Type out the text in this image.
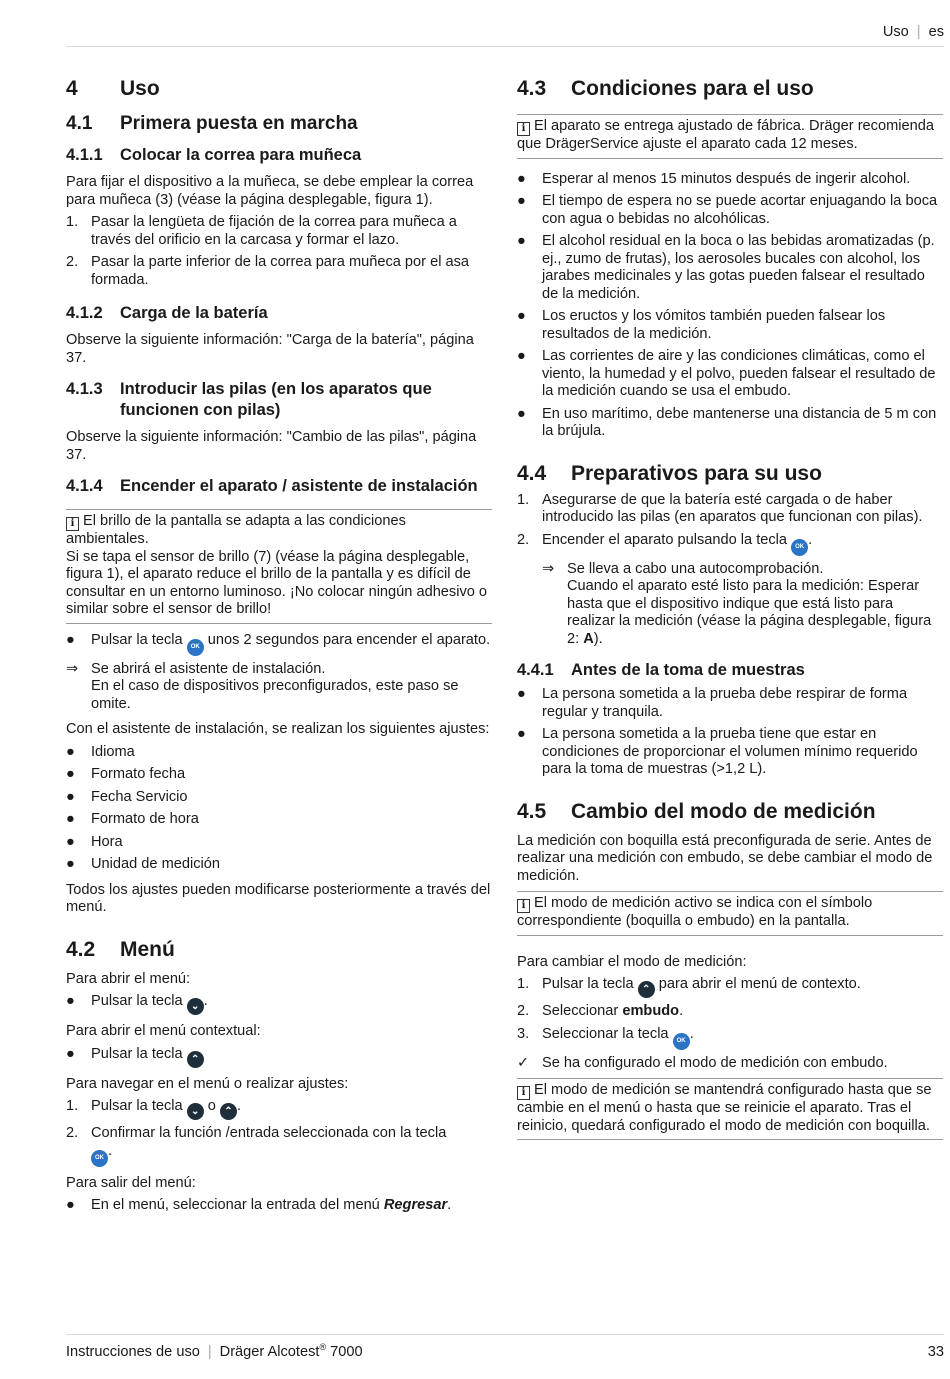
Uso | es
4	Uso
4.1	Primera puesta en marcha
4.1.1	Colocar la correa para muñeca

Para fijar el dispositivo a la muñeca, se debe emplear la correa para muñeca (3) (véase la página desplegable, figura 1).

1. Pasar la lengüeta de fijación de la correa para muñeca a través del orificio en la carcasa y formar el lazo.
2. Pasar la parte inferior de la correa para muñeca por el asa formada.
4.1.2	Carga de la batería

Observe la siguiente información: "Carga de la batería", página 37.

4.1.3	Introducir las pilas (en los aparatos que funcionen con pilas)

Observe la siguiente información: "Cambio de las pilas", página 37.

4.1.4	Encender el aparato / asistente de instalación
i El brillo de la pantalla se adapta a las condiciones ambientales.
Si se tapa el sensor de brillo (7) (véase la página desplegable, figura 1), el aparato reduce el brillo de la pantalla y es difícil de consultar en un entorno luminoso. ¡No colocar ningún adhesivo o similar sobre el sensor de brillo!
●	Pulsar la tecla OK unos 2 segundos para encender el aparato.
⇒ Se abrirá el asistente de instalación.
En el caso de dispositivos preconfigurados, este paso se omite.

Con el asistente de instalación, se realizan los siguientes ajustes:

●	Idioma
●	Formato fecha
●	Fecha Servicio
●	Formato de hora
●	Hora
●	Unidad de medición

Todos los ajustes pueden modificarse posteriormente a través del menú.

4.2	Menú

Para abrir el menú:

●	Pulsar la tecla ⌄ .

Para abrir el menú contextual:

●	Pulsar la tecla ⌃

Para navegar en el menú o realizar ajustes:

1. Pulsar la tecla ⌄ o ⌃ .
2. Confirmar la función /entrada seleccionada con la tecla
OK .

Para salir del menú:

●	En el menú, seleccionar la entrada del menú Regresar.
4.3	Condiciones para el uso
i El aparato se entrega ajustado de fábrica. Dräger recomienda que DrägerService ajuste el aparato cada 12 meses.
●	Esperar al menos 15 minutos después de ingerir alcohol.
●	El tiempo de espera no se puede acortar enjuagando la boca con agua o bebidas no alcohólicas.
●	El alcohol residual en la boca o las bebidas aromatizadas (p. ej., zumo de frutas), los aerosoles bucales con alcohol, los jarabes medicinales y las gotas pueden falsear el resultado de la medición.
●	Los eructos y los vómitos también pueden falsear los resultados de la medición.
●	Las corrientes de aire y las condiciones climáticas, como el viento, la humedad y el polvo, pueden falsear el resultado de la medición cuando se usa el embudo.
●	En uso marítimo, debe mantenerse una distancia de 5 m con la brújula.
4.4	Preparativos para su uso
1. Asegurarse de que la batería esté cargada o de haber introducido las pilas (en aparatos que funcionan con pilas).
2. Encender el aparato pulsando la tecla OK .
⇒ Se lleva a cabo una autocomprobación.
Cuando el aparato esté listo para la medición: Esperar hasta que el dispositivo indique que está listo para realizar la medición (véase la página desplegable, figura 2: A).
4.4.1	Antes de la toma de muestras
●	La persona sometida a la prueba debe respirar de forma regular y tranquila.
●	La persona sometida a la prueba tiene que estar en condiciones de proporcionar el volumen mínimo requerido para la toma de muestras (>1,2 L).
4.5	Cambio del modo de medición

La medición con boquilla está preconfigurada de serie. Antes de realizar una medición con embudo, se debe cambiar el modo de medición.

i El modo de medición activo se indica con el símbolo correspondiente (boquilla o embudo) en la pantalla.

Para cambiar el modo de medición:

1. Pulsar la tecla ⌃ para abrir el menú de contexto.
2. Seleccionar embudo.
3. Seleccionar la tecla OK .
✓ Se ha configurado el modo de medición con embudo.
i El modo de medición se mantendrá configurado hasta que se cambie en el menú o hasta que se reinicie el aparato. Tras el reinicio, quedará configurado el modo de medición con boquilla.
Instrucciones de uso | Dräger Alcotest® 7000	33
